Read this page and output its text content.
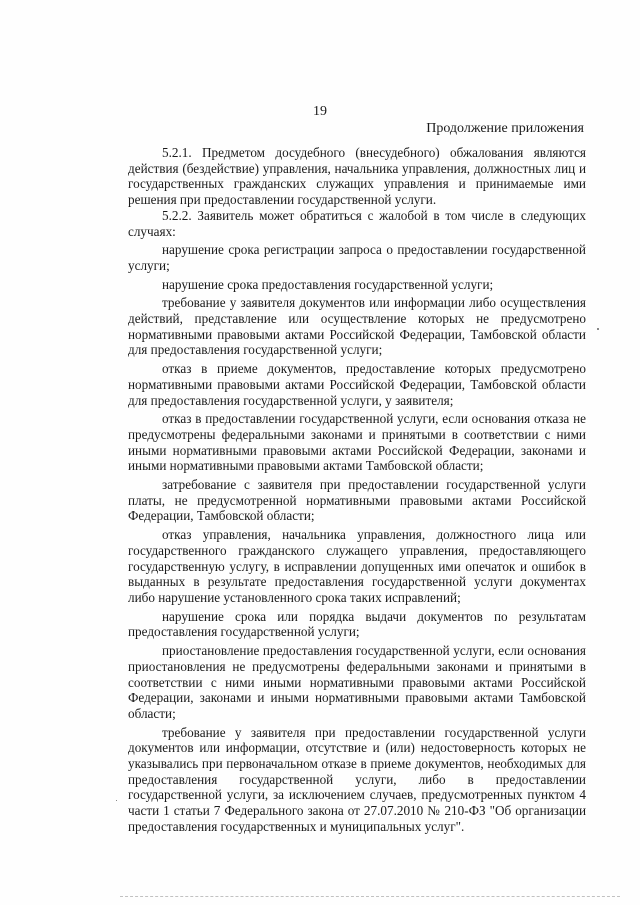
19
Продолжение приложения

5.2.1. Предметом досудебного (внесудебного) обжалования являются действия (бездействие) управления, начальника управления, должностных лиц и государственных гражданских служащих управления и принимаемые ими решения при предоставлении государственной услуги.

5.2.2. Заявитель может обратиться с жалобой в том числе в следующих случаях:

нарушение срока регистрации запроса о предоставлении государственной услуги;

нарушение срока предоставления государственной услуги;

требование у заявителя документов или информации либо осуществления действий, представление или осуществление которых не предусмотрено нормативными правовыми актами Российской Федерации, Тамбовской области для предоставления государственной услуги;

отказ в приеме документов, предоставление которых предусмотрено нормативными правовыми актами Российской Федерации, Тамбовской области для предоставления государственной услуги, у заявителя;

отказ в предоставлении государственной услуги, если основания отказа не предусмотрены федеральными законами и принятыми в соответствии с ними иными нормативными правовыми актами Российской Федерации, законами и иными нормативными правовыми актами Тамбовской области;

затребование с заявителя при предоставлении государственной услуги платы, не предусмотренной нормативными правовыми актами Российской Федерации, Тамбовской области;

отказ управления, начальника управления, должностного лица или государственного гражданского служащего управления, предоставляющего государственную услугу, в исправлении допущенных ими опечаток и ошибок в выданных в результате предоставления государственной услуги документах либо нарушение установленного срока таких исправлений;

нарушение срока или порядка выдачи документов по результатам предоставления государственной услуги;

приостановление предоставления государственной услуги, если основания приостановления не предусмотрены федеральными законами и принятыми в соответствии с ними иными нормативными правовыми актами Российской Федерации, законами и иными нормативными правовыми актами Тамбовской области;

требование у заявителя при предоставлении государственной услуги документов или информации, отсутствие и (или) недостоверность которых не указывались при первоначальном отказе в приеме документов, необходимых для предоставления государственной услуги, либо в предоставлении государственной услуги, за исключением случаев, предусмотренных пунктом 4 части 1 статьи 7 Федерального закона от 27.07.2010 № 210-ФЗ "Об организации предоставления государственных и муниципальных услуг".
